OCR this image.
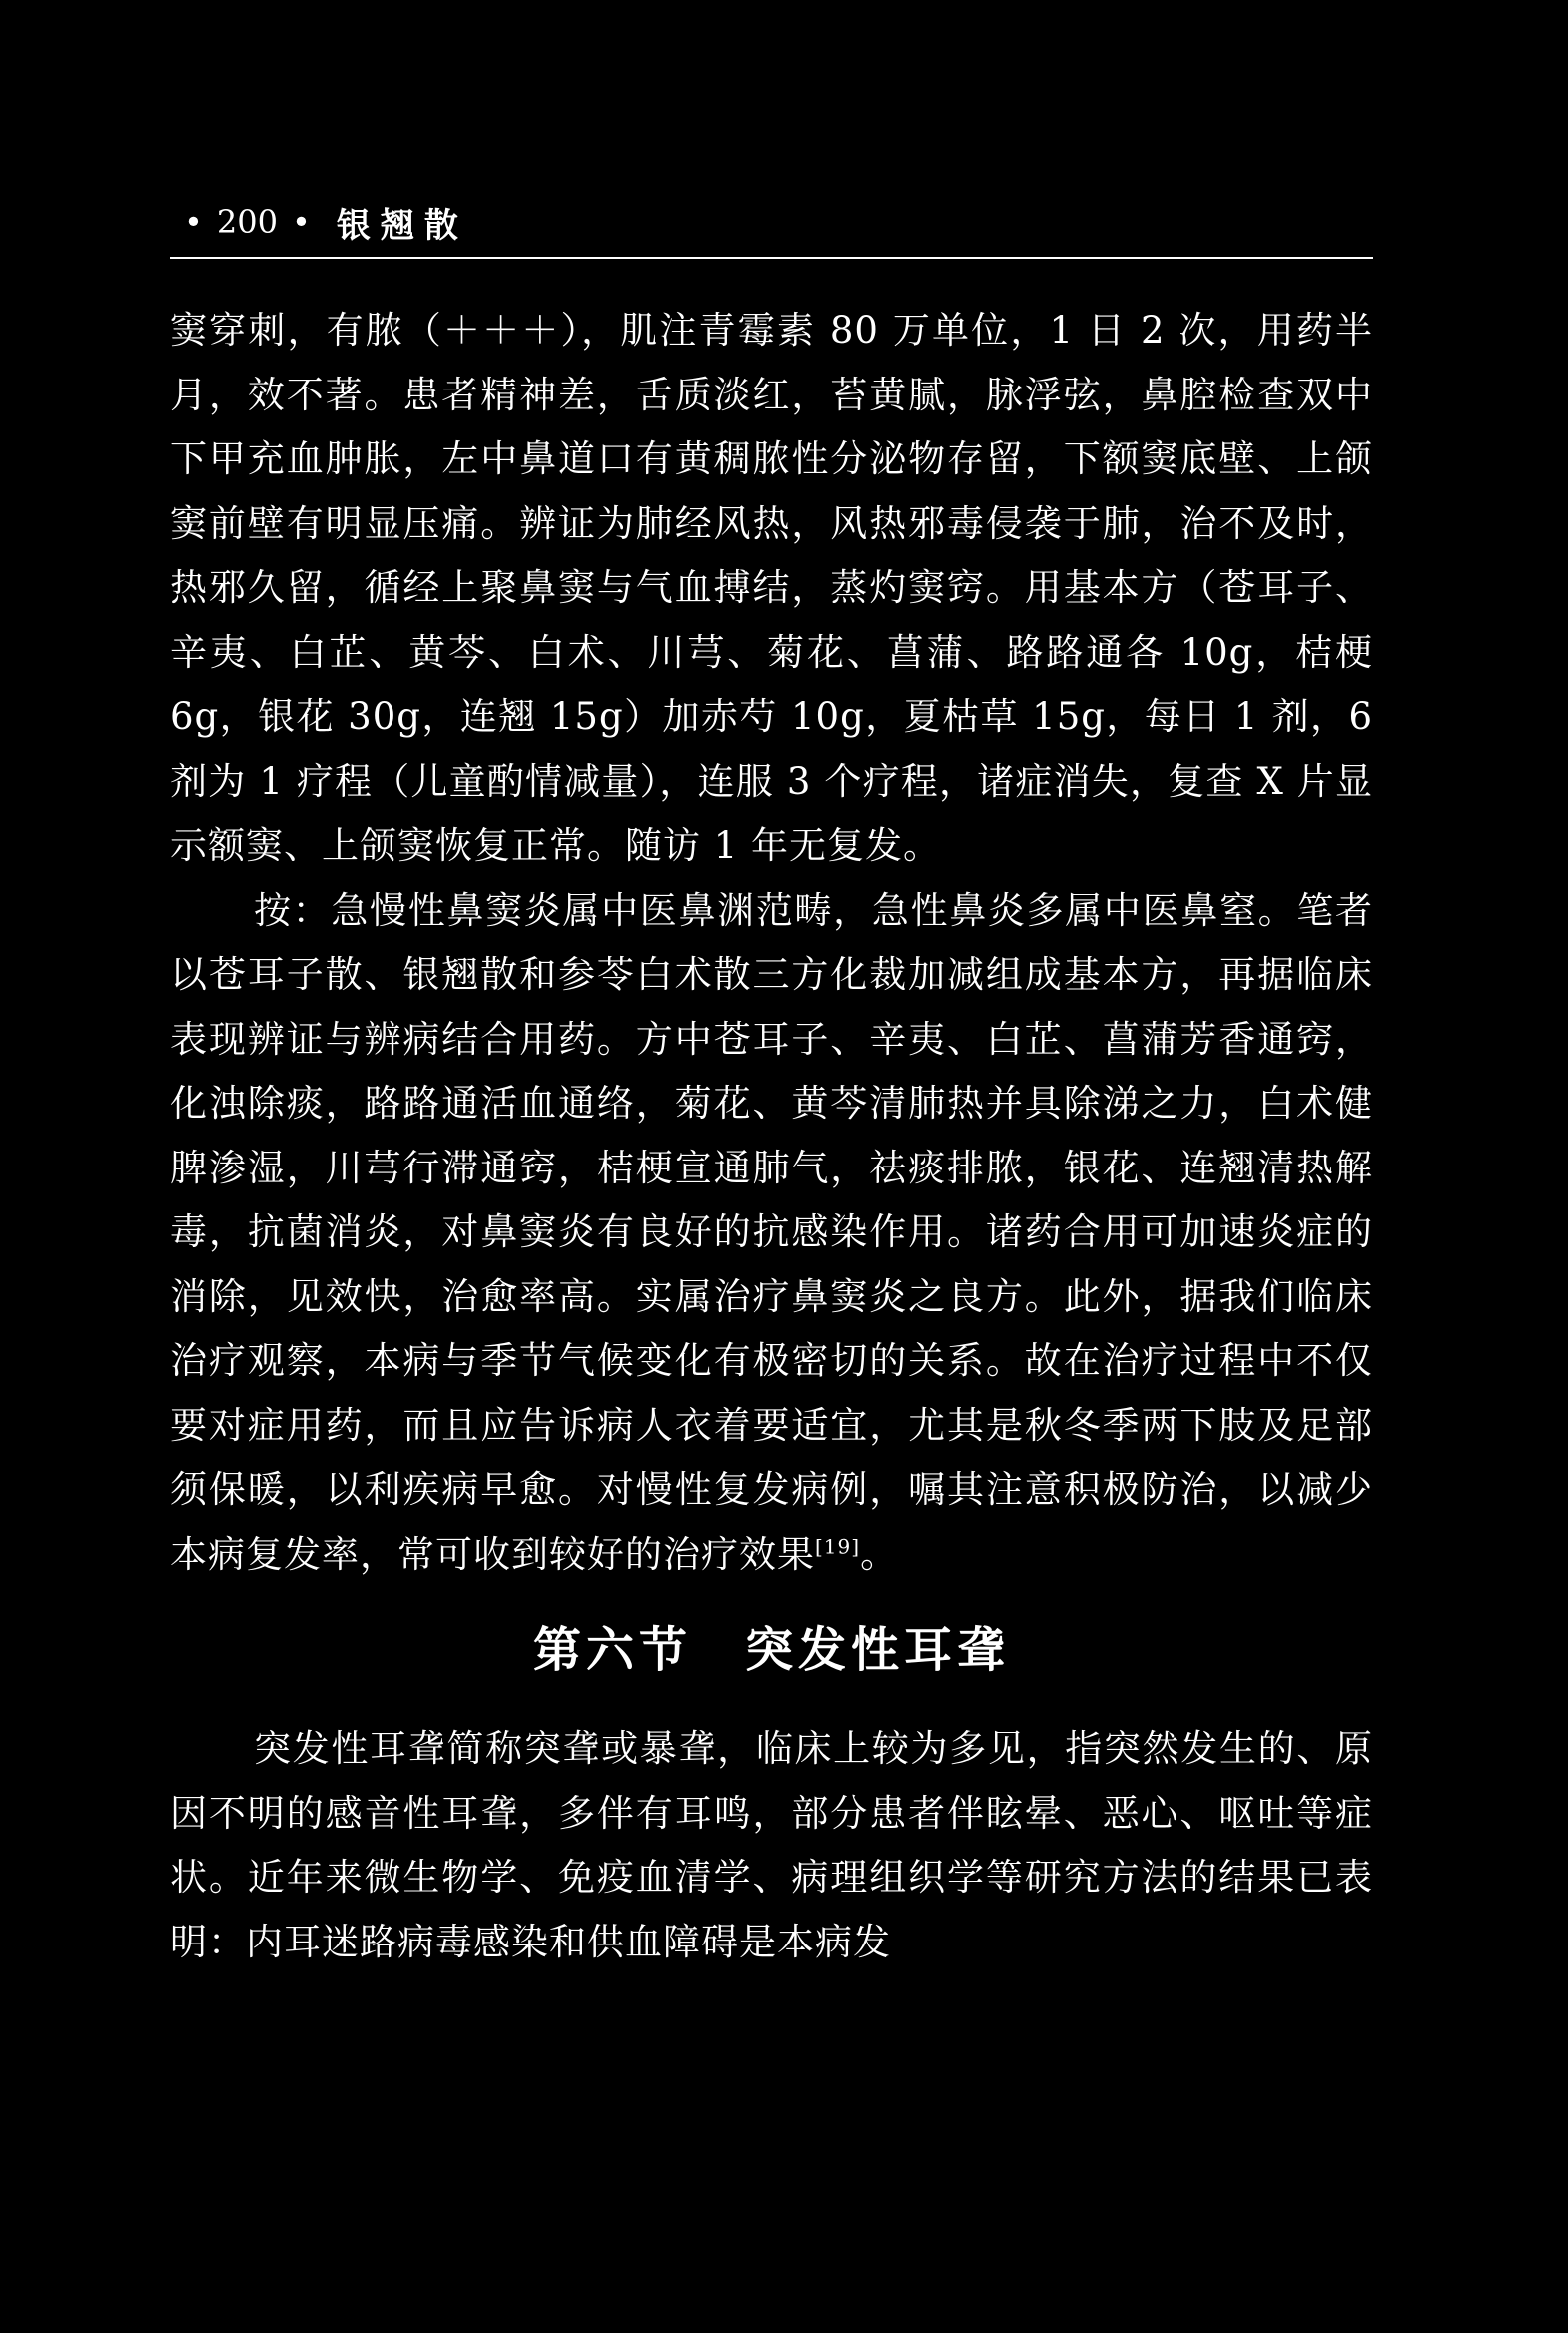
• 200 • 银翘散

窦穿刺，有脓（＋＋＋），肌注青霉素 80 万单位，1 日 2 次，用药半月，效不著。患者精神差，舌质淡红，苔黄腻，脉浮弦，鼻腔检查双中下甲充血肿胀，左中鼻道口有黄稠脓性分泌物存留，下额窦底壁、上颌窦前壁有明显压痛。辨证为肺经风热，风热邪毒侵袭于肺，治不及时，热邪久留，循经上聚鼻窦与气血搏结，蒸灼窦窍。用基本方（苍耳子、辛夷、白芷、黄芩、白术、川芎、菊花、菖蒲、路路通各 10g，桔梗 6g，银花 30g，连翘 15g）加赤芍 10g，夏枯草 15g，每日 1 剂，6 剂为 1 疗程（儿童酌情减量），连服 3 个疗程，诸症消失，复查 X 片显示额窦、上颌窦恢复正常。随访 1 年无复发。

按：急慢性鼻窦炎属中医鼻渊范畴，急性鼻炎多属中医鼻窒。笔者以苍耳子散、银翘散和参苓白术散三方化裁加减组成基本方，再据临床表现辨证与辨病结合用药。方中苍耳子、辛夷、白芷、菖蒲芳香通窍，化浊除痰，路路通活血通络，菊花、黄芩清肺热并具除涕之力，白术健脾渗湿，川芎行滞通窍，桔梗宣通肺气，祛痰排脓，银花、连翘清热解毒，抗菌消炎，对鼻窦炎有良好的抗感染作用。诸药合用可加速炎症的消除，见效快，治愈率高。实属治疗鼻窦炎之良方。此外，据我们临床治疗观察，本病与季节气候变化有极密切的关系。故在治疗过程中不仅要对症用药，而且应告诉病人衣着要适宜，尤其是秋冬季两下肢及足部须保暖，以利疾病早愈。对慢性复发病例，嘱其注意积极防治，以减少本病复发率，常可收到较好的治疗效果[19]。

第六节　突发性耳聋

突发性耳聋简称突聋或暴聋，临床上较为多见，指突然发生的、原因不明的感音性耳聋，多伴有耳鸣，部分患者伴眩晕、恶心、呕吐等症状。近年来微生物学、免疫血清学、病理组织学等研究方法的结果已表明：内耳迷路病毒感染和供血障碍是本病发
